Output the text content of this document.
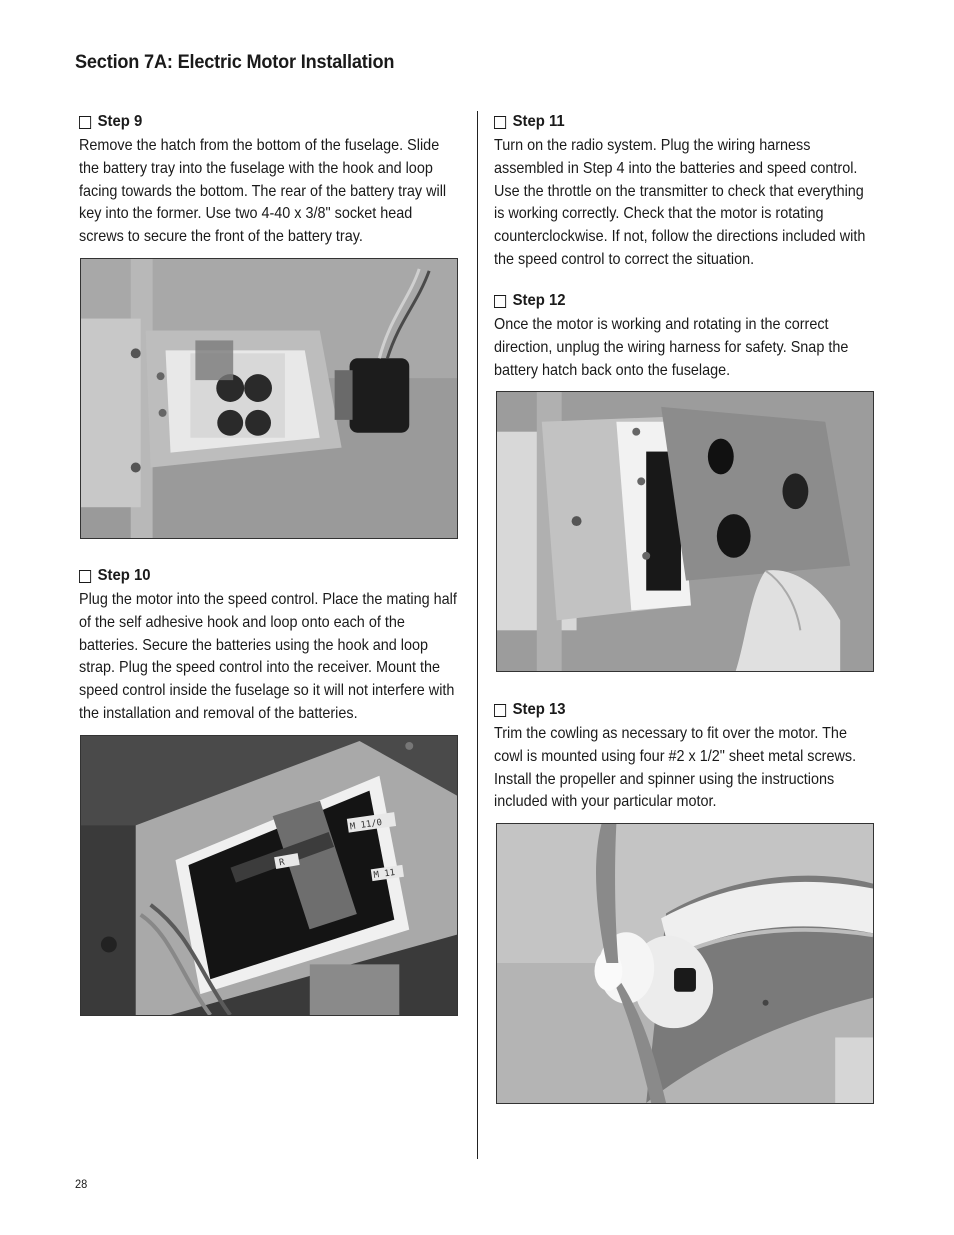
Section 7A: Electric Motor Installation
Step 9

Remove the hatch from the bottom of the fuselage. Slide the battery tray into the fuselage with the hook and loop facing towards the bottom. The rear of the battery tray will key into the former. Use two 4-40 x 3/8" socket head screws to secure the front of the battery tray.

Step 10

Plug the motor into the speed control. Place the mating half of the self adhesive hook and loop onto each of the batteries. Secure the batteries using the hook and loop strap. Plug the speed control into the receiver. Mount the speed control inside the fuselage so it will not interfere with the installation and removal of the batteries.

M 11/0
R
M 11
Step 11

Turn on the radio system. Plug the wiring harness assembled in Step 4 into the batteries and speed control. Use the throttle on the transmitter to check that everything is working correctly. Check that the motor is rotating counterclockwise. If not, follow the directions included with the speed control to correct the situation.

Step 12

Once the motor is working and rotating in the correct direction, unplug the wiring harness for safety. Snap the battery hatch back onto the fuselage.

Step 13

Trim the cowling as necessary to fit over the motor. The cowl is mounted using four #2 x 1/2" sheet metal screws. Install the propeller and spinner using the instructions included with your particular motor.

28
